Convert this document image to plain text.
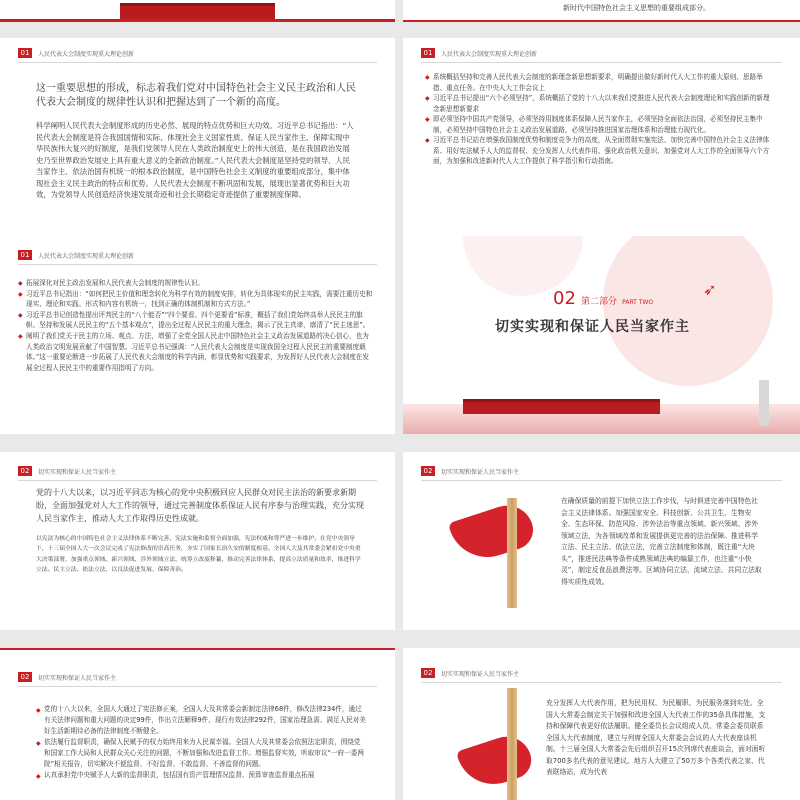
新时代中国特色社会主义思想的重要组成部分。
01	人民代表大会制度实现重大理论创新
这一重要思想的形成，标志着我们党对中国特色社会主义民主政治和人民代表大会制度的规律性认识和把握达到了一个新的高度。
科学阐明人民代表大会制度形成的历史必然、展现的特点优势和巨大功效。习近平总书记指出：“人民代表大会制度是符合我国国情和实际、体现社会主义国家性质、保证人民当家作主、保障实现中华民族伟大复兴的好制度，是我们党领导人民在人类政治制度史上的伟大创造，是在我国政治发展史乃至世界政治发展史上具有重大意义的全新政治制度。”人民代表大会制度是坚持党的领导、人民当家作主、依法治国有机统一的根本政治制度，是中国特色社会主义制度的重要组成部分，集中体现社会主义民主政治的特点和优势。人民代表大会制度不断巩固和发展，展现出显著优势和巨大功效，为党领导人民创造经济快速发展奇迹和社会长期稳定奇迹提供了重要制度保障。
01	人民代表大会制度实现重大理论创新
◆ 系统概括坚持和完善人民代表大会制度的新理念新思想新要求，明确提出做好新时代人大工作的重大原则、思路举措、重点任务。在中央人大工作会议上
◆ 习近平总书记提出“六个必须坚持”，系统概括了党的十八大以来我们党推进人民代表大会制度理论和实践创新的新理念新思想新要求
◆ 即必须坚持中国共产党领导，必须坚持用制度体系保障人民当家作主，必须坚持全面依法治国，必须坚持民主集中制，必须坚持中国特色社会主义政治发展道路，必须坚持推进国家治理体系和治理能力现代化。
◆ 习近平总书记站在增强我国制度优势和制度竞争力的高度，从全面贯彻实施宪法、加快完善中国特色社会主义法律体系、用好宪法赋予人大的监督权、充分发挥人大代表作用、强化政治机关意识、加强党对人大工作的全面领导六个方面，为加强和改进新时代人大工作提供了科学指引和行动指南。
01	人民代表大会制度实现重大理论创新
◆ 拓展深化对民主政治发展和人民代表大会制度的规律性认识。
◆ 习近平总书记指出：“如何把民主价值和理念转化为科学有效的制度安排，转化为具体现实的民主实践，需要注重历史和现实、理论和实践、形式和内容有机统一，找到正确的体制机制和方式方法。”
◆ 习近平总书记创造性提出评判民主的“八个能否”“四个要看、四个更要看”标准，概括了我们党始终高举人民民主的旗帜、坚持和发展人民民主的“五个基本观点”，提出全过程人民民主的重大理念，揭示了民主真谛，廓清了“民主迷思”。
◆ 阐明了我们党关于民主的立场、观点、方法，增强了全党全国人民走中国特色社会主义政治发展道路的决心信心，也为人类政治文明发展贡献了中国智慧。习近平总书记强调：“人民代表大会制度是实现我国全过程人民民主的重要制度载体。”这一重要论断进一步拓展了人民代表大会制度的科学内涵，彰显优势和实践要求，为发挥好人民代表大会制度在发展全过程人民民主中的重要作用指明了方向。
➶
02 第二部分 PART TWO
切实实现和保证人民当家作主
02	切实实现和保证人民当家作主
党的十八大以来，以习近平同志为核心的党中央积极回应人民群众对民主法治的新要求新期盼，全面加强党对人大工作的领导，通过完善制度体系保证人民有序参与治理实践，充分实现人民当家作主，推动人大工作取得历史性成就。
以宪法为核心的中国特色社会主义法律体系不断完善，宪法实施和监督全面加强，宪法权威和尊严进一步维护。在党中央领导下，十三届全国人大一次会议完成了宪法修改的崇高任务，夯实了国家长治久安的制度根基。全国人大及其常委会紧扣党中央重大决策部署，加强重点领域、新兴领域、涉外领域立法，统筹立改废释纂，推动完善法律体系，提高立法质量和效率，推进科学立法、民主立法、依法立法，以良法促进发展、保障善治。
02	切实实现和保证人民当家作主
在确保质量的前提下加快立法工作步伐，与时俱进完善中国特色社会主义法律体系。加强国家安全、科技创新、公共卫生、生物安全、生态环保、防范风险、涉外法治等重点领域、新兴领域、涉外领域立法，为各领域改革和发展提供更完善的法治保障。推进科学立法、民主立法、依法立法，完善立法制度和体制，既注重“大块头”，推进民法典等条件成熟领域法典的编纂工作，也注重“小快灵”，制定反食品浪费法等。区域协同立法、流域立法、共同立法取得实质性成效。
02	切实实现和保证人民当家作主
◆ 党的十八大以来，全国人大通过了宪法修正案，全国人大及其常委会新制定法律68件，修改法律234件，通过有关法律问题和重大问题的决定99件，作出立法解释9件，现行有效法律292件，国家治理急需、满足人民对美好生活新期待必备的法律制度不断健全。
◆ 依法履行监督职责，确保人民赋予的权力始终用来为人民谋幸福。全国人大及其常委会依照法定职责，围绕党和国家工作大局和人民群众关心关注的问题，不断加强和改进监督工作。增强监督实效，听取审议“一府一委两院”相关报告，切实解决不便监督、不好监督、不敢监督、不善监督的问题。
◆ 认真承担党中央赋予人大新的监督职责，包括国有资产管理情况监督、预算审查监督重点拓展
02	切实实现和保证人民当家作主
充分发挥人大代表作用，把为民用权、为民履职、为民服务落到实处。全国人大常委会制定关于加强和改进全国人大代表工作的35条具体措施，支持和保障代表更好依法履职。健全委员长会议组成人员、常委会委员联系全国人大代表制度，建立与列席全国人大常委会会议的人大代表座谈机制。十三届全国人大常委会先后组织召开15次列席代表座谈会，面对面听取700多名代表的意见建议。地方人大建立了50万多个各类代表之家、代表联络站，成为代表
